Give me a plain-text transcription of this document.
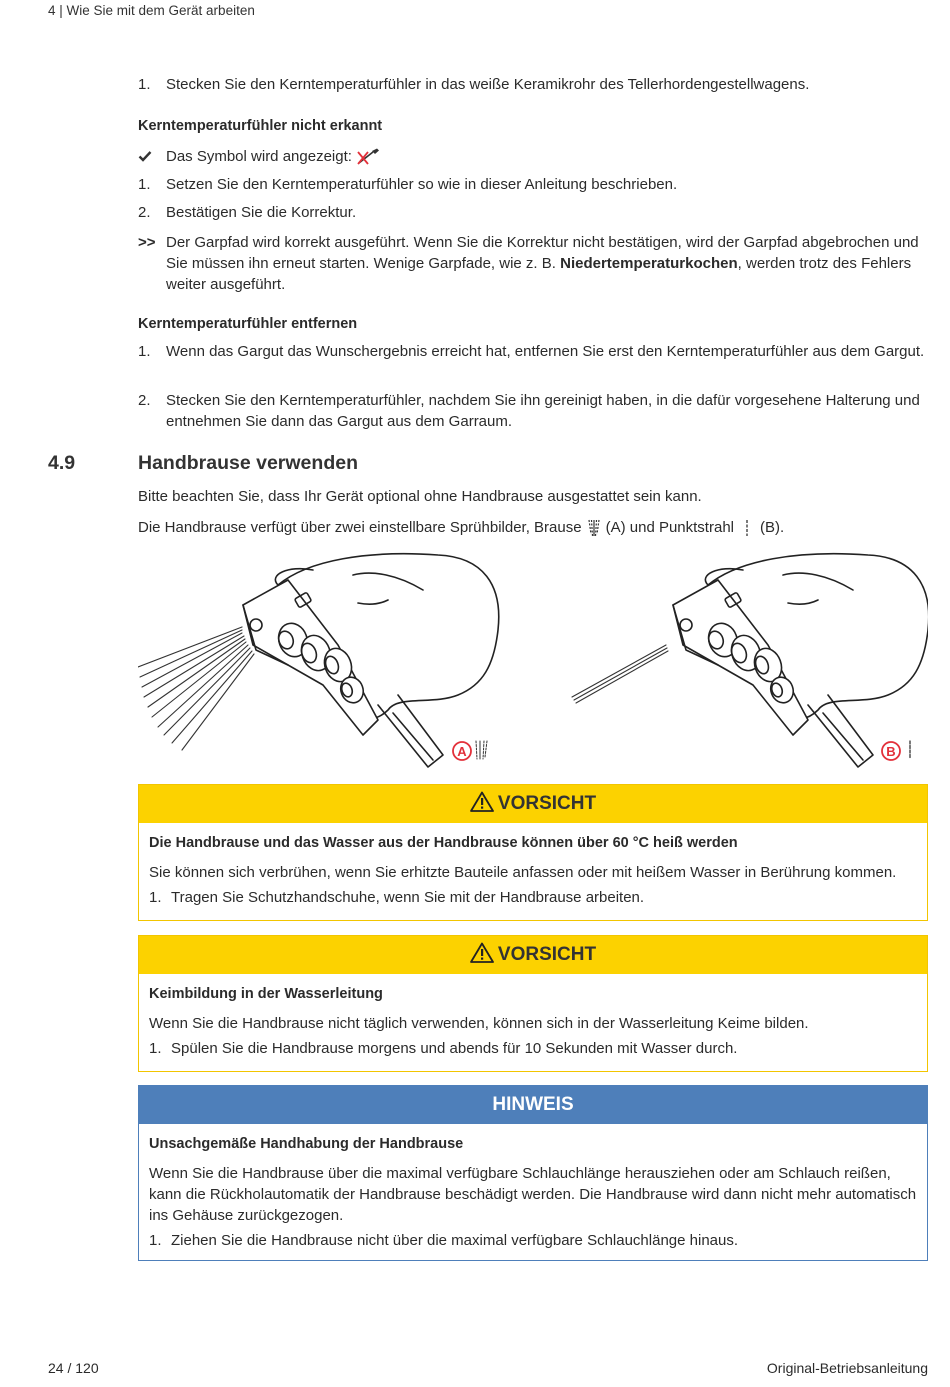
4 | Wie Sie mit dem Gerät arbeiten
1.	Stecken Sie den Kerntemperaturfühler in das weiße Keramikrohr des Tellerhordengestellwagens.
Kerntemperaturfühler nicht erkannt
Das Symbol wird angezeigt:
1.	Setzen Sie den Kerntemperaturfühler so wie in dieser Anleitung beschrieben.
2.	Bestätigen Sie die Korrektur.
>> Der Garpfad wird korrekt ausgeführt. Wenn Sie die Korrektur nicht bestätigen, wird der Garpfad abgebrochen und Sie müssen ihn erneut starten. Wenige Garpfade, wie z. B. Niedertemperaturkochen, werden trotz des Fehlers weiter ausgeführt.
Kerntemperaturfühler entfernen
1.	Wenn das Gargut das Wunschergebnis erreicht hat, entfernen Sie erst den Kerntemperaturfühler aus dem Gargut.
2.	Stecken Sie den Kerntemperaturfühler, nachdem Sie ihn gereinigt haben, in die dafür vorgesehene Halterung und entnehmen Sie dann das Gargut aus dem Garraum.
4.9	Handbrause verwenden
Bitte beachten Sie, dass Ihr Gerät optional ohne Handbrause ausgestattet sein kann.
Die Handbrause verfügt über zwei einstellbare Sprühbilder, Brause (A) und Punktstrahl (B).
A	B
VORSICHT
Die Handbrause und das Wasser aus der Handbrause können über 60 °C heiß werden
Sie können sich verbrühen, wenn Sie erhitzte Bauteile anfassen oder mit heißem Wasser in Berührung kommen.
1. Tragen Sie Schutzhandschuhe, wenn Sie mit der Handbrause arbeiten.
VORSICHT
Keimbildung in der Wasserleitung
Wenn Sie die Handbrause nicht täglich verwenden, können sich in der Wasserleitung Keime bilden.
1. Spülen Sie die Handbrause morgens und abends für 10 Sekunden mit Wasser durch.
HINWEIS
Unsachgemäße Handhabung der Handbrause
Wenn Sie die Handbrause über die maximal verfügbare Schlauchlänge herausziehen oder am Schlauch reißen, kann die Rückholautomatik der Handbrause beschädigt werden. Die Handbrause wird dann nicht mehr automatisch ins Gehäuse zurückgezogen.
1. Ziehen Sie die Handbrause nicht über die maximal verfügbare Schlauchlänge hinaus.
24 / 120	Original-Betriebsanleitung
